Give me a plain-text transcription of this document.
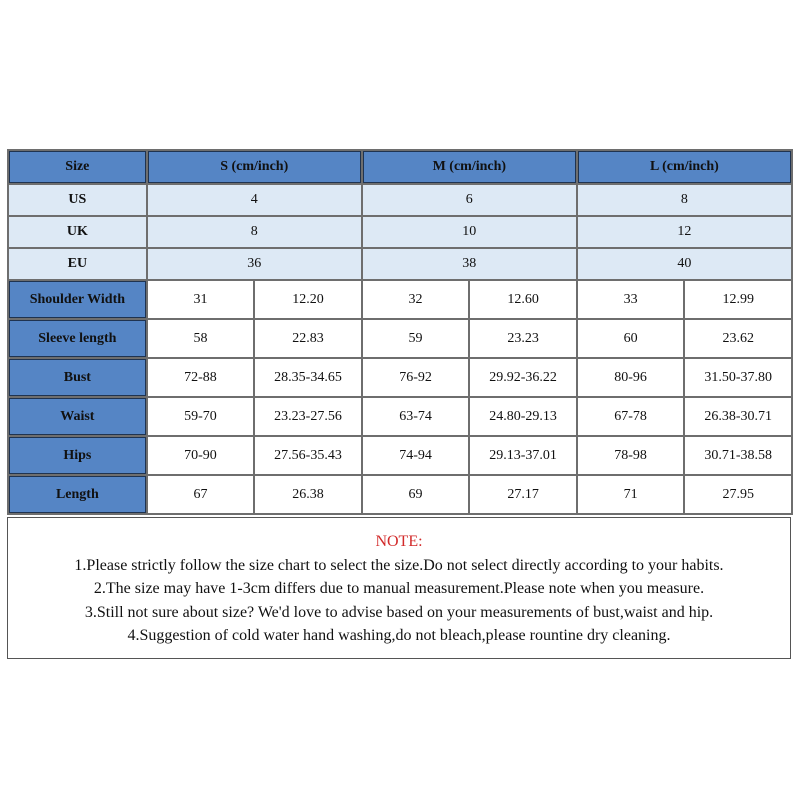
Size	S (cm/inch)		M (cm/inch)		L (cm/inch)	
US	4		6		8	
UK	8		10		12	
EU	36		38		40	
Shoulder Width	31	12.20	32	12.60	33	12.99
Sleeve length	58	22.83	59	23.23	60	23.62
Bust	72-88	28.35-34.65	76-92	29.92-36.22	80-96	31.50-37.80
Waist	59-70	23.23-27.56	63-74	24.80-29.13	67-78	26.38-30.71
Hips	70-90	27.56-35.43	74-94	29.13-37.01	78-98	30.71-38.58
Length	67	26.38	69	27.17	71	27.95
NOTE:
1.Please strictly follow the size chart to select the size.Do not select directly according to your habits.
2.The size may have 1-3cm differs due to manual measurement.Please note when you measure.
3.Still not sure about size? We'd love to advise based on your measurements of bust,waist and hip.
4.Suggestion of cold water hand washing,do not bleach,please rountine dry cleaning.
